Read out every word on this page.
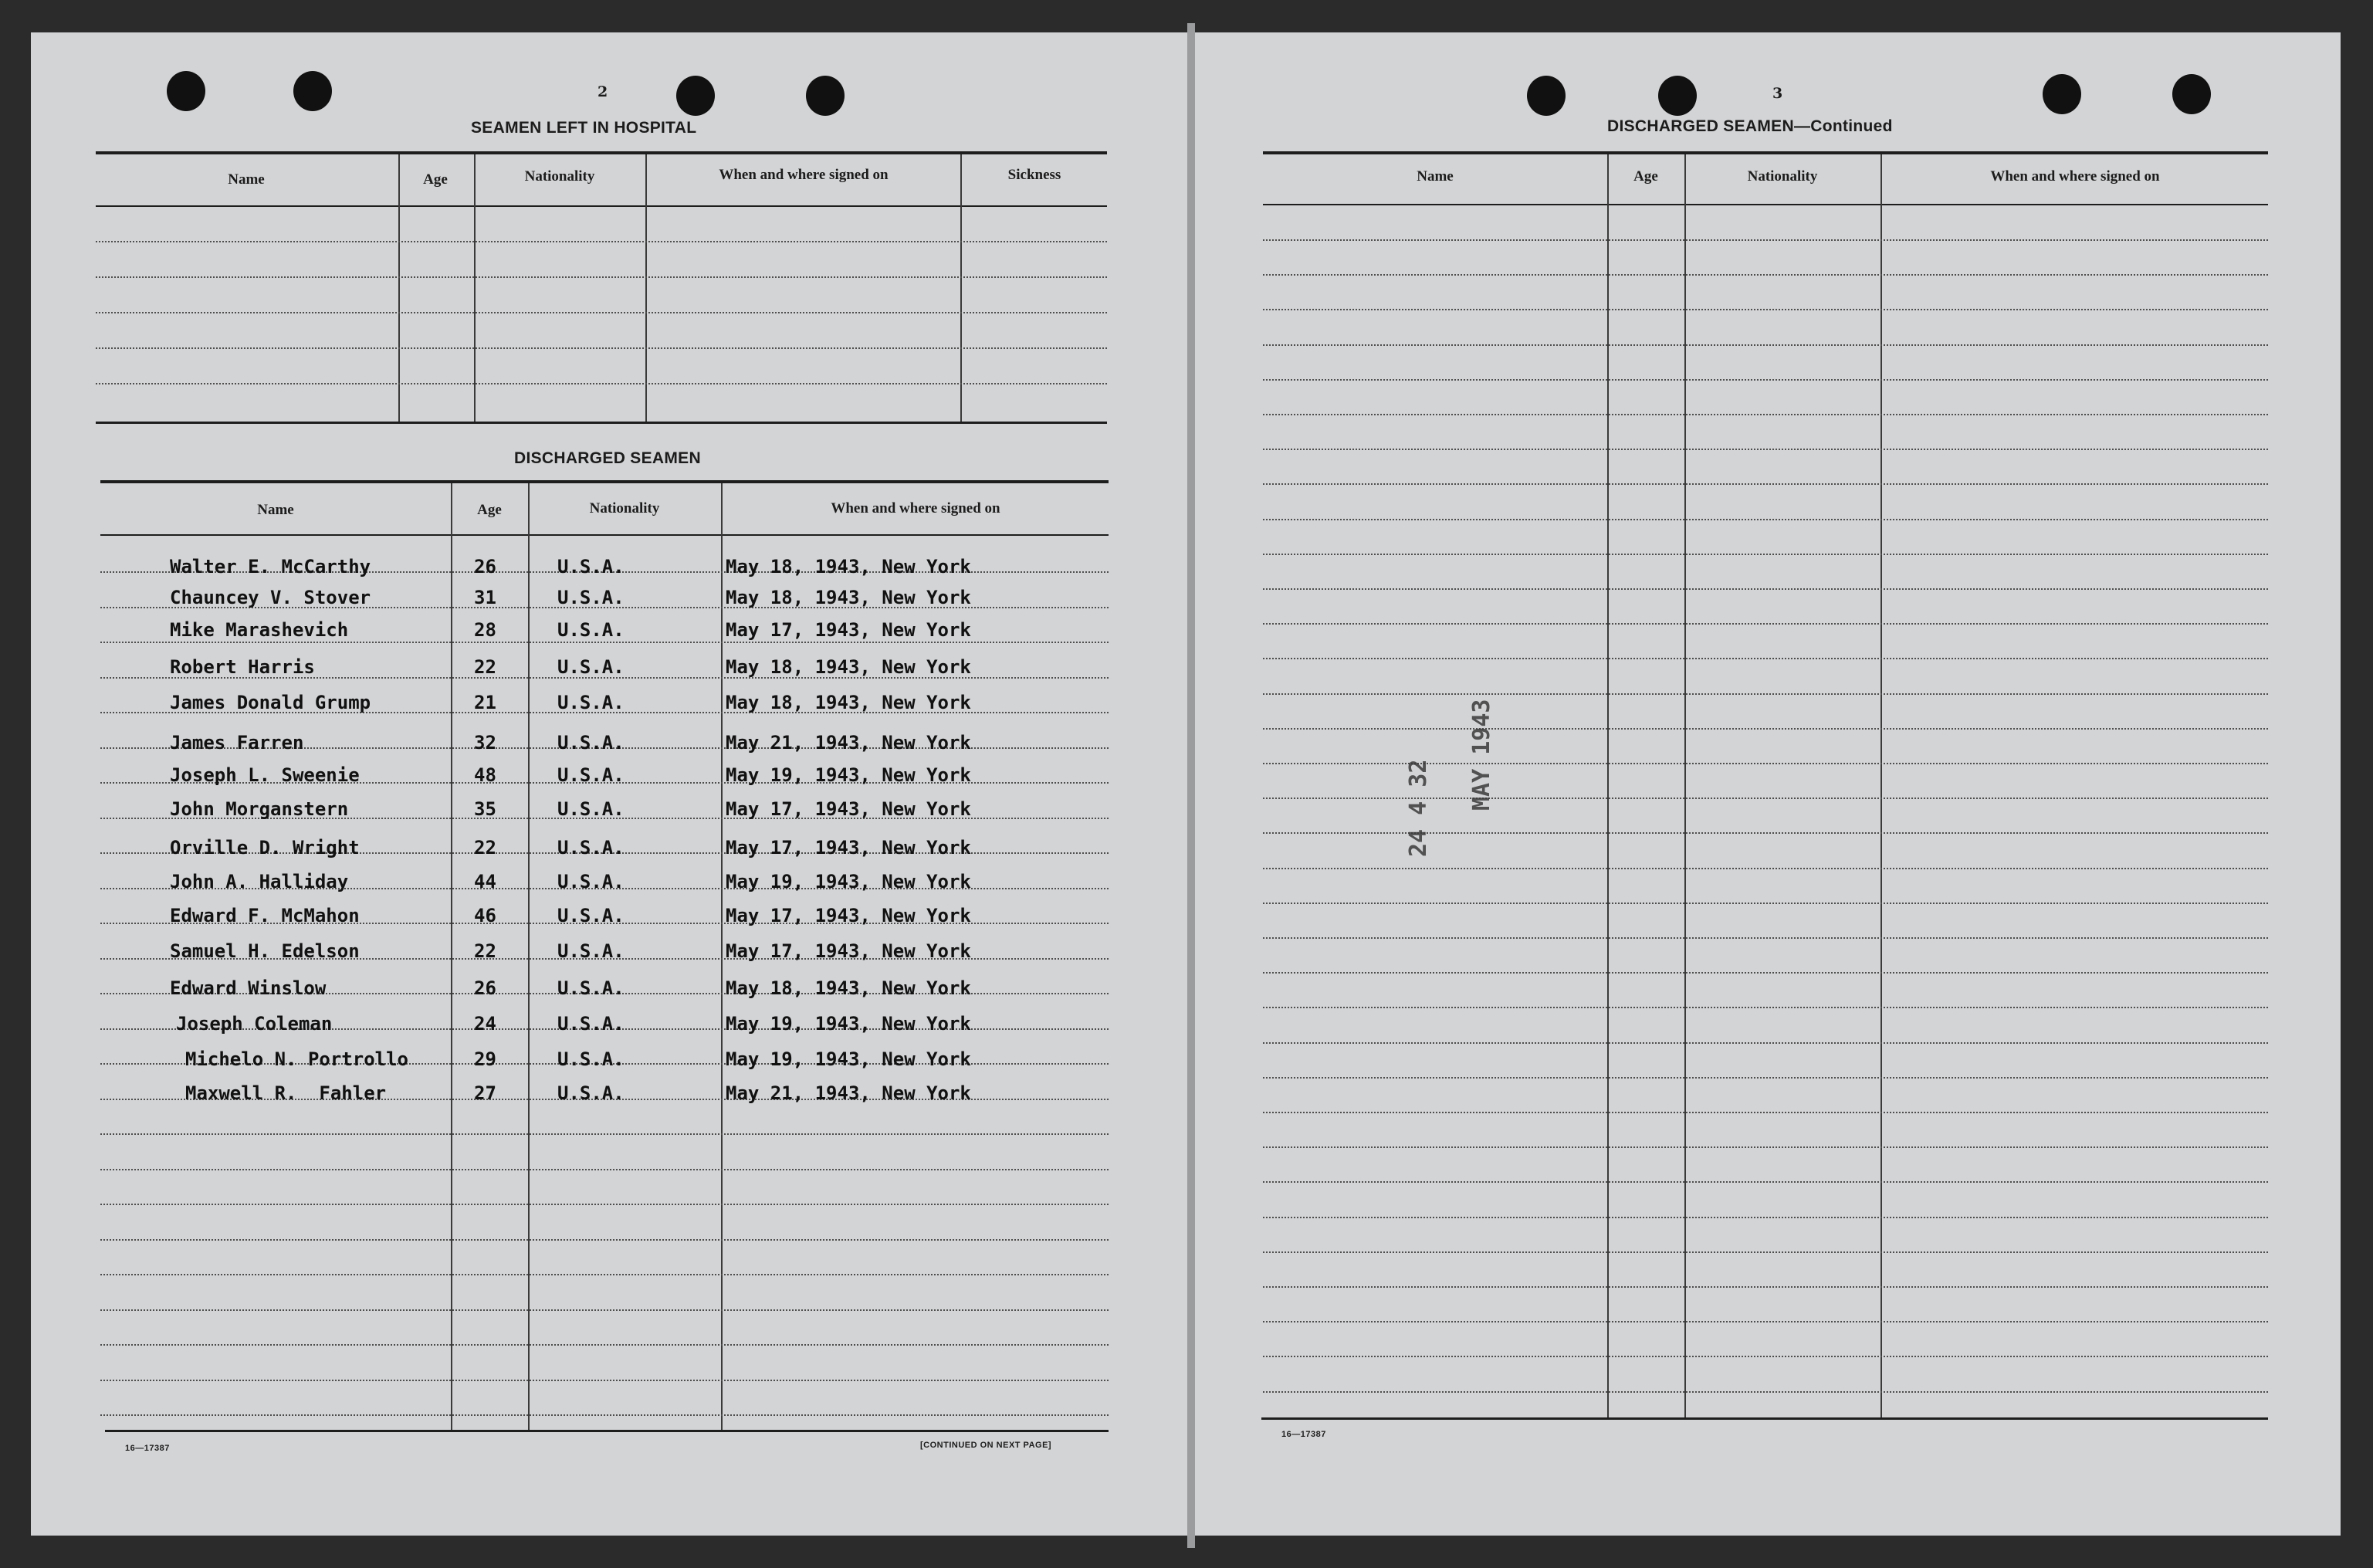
2
SEAMEN LEFT IN HOSPITAL
Name	Age	Nationality	When and where signed on	Sickness
DISCHARGED SEAMEN
Name	Age	Nationality	When and where signed on
Walter E. McCarthy	26	U.S.A.	May 18, 1943, New York
Chauncey V. Stover	31	U.S.A.	May 18, 1943, New York
Mike Marashevich	28	U.S.A.	May 17, 1943, New York
Robert Harris	22	U.S.A.	May 18, 1943, New York
James Donald Grump	21	U.S.A.	May 18, 1943, New York
James Farren	32	U.S.A.	May 21, 1943, New York
Joseph L. Sweenie	48	U.S.A.	May 19, 1943, New York
John Morganstern	35	U.S.A.	May 17, 1943, New York
Orville D. Wright	22	U.S.A.	May 17, 1943, New York
John A. Halliday	44	U.S.A.	May 19, 1943, New York
Edward F. McMahon	46	U.S.A.	May 17, 1943, New York
Samuel H. Edelson	22	U.S.A.	May 17, 1943, New York
Edward Winslow	26	U.S.A.	May 18, 1943, New York
Joseph Coleman	24	U.S.A.	May 19, 1943, New York
Michelo N. Portrollo	29	U.S.A.	May 19, 1943, New York
Maxwell R.  Fahler	27	U.S.A.	May 21, 1943, New York
16—17387	[CONTINUED ON NEXT PAGE]
3
DISCHARGED SEAMEN—Continued
Name	Age	Nationality	When and where signed on
24 4 32 MAY 1943
16—17387
